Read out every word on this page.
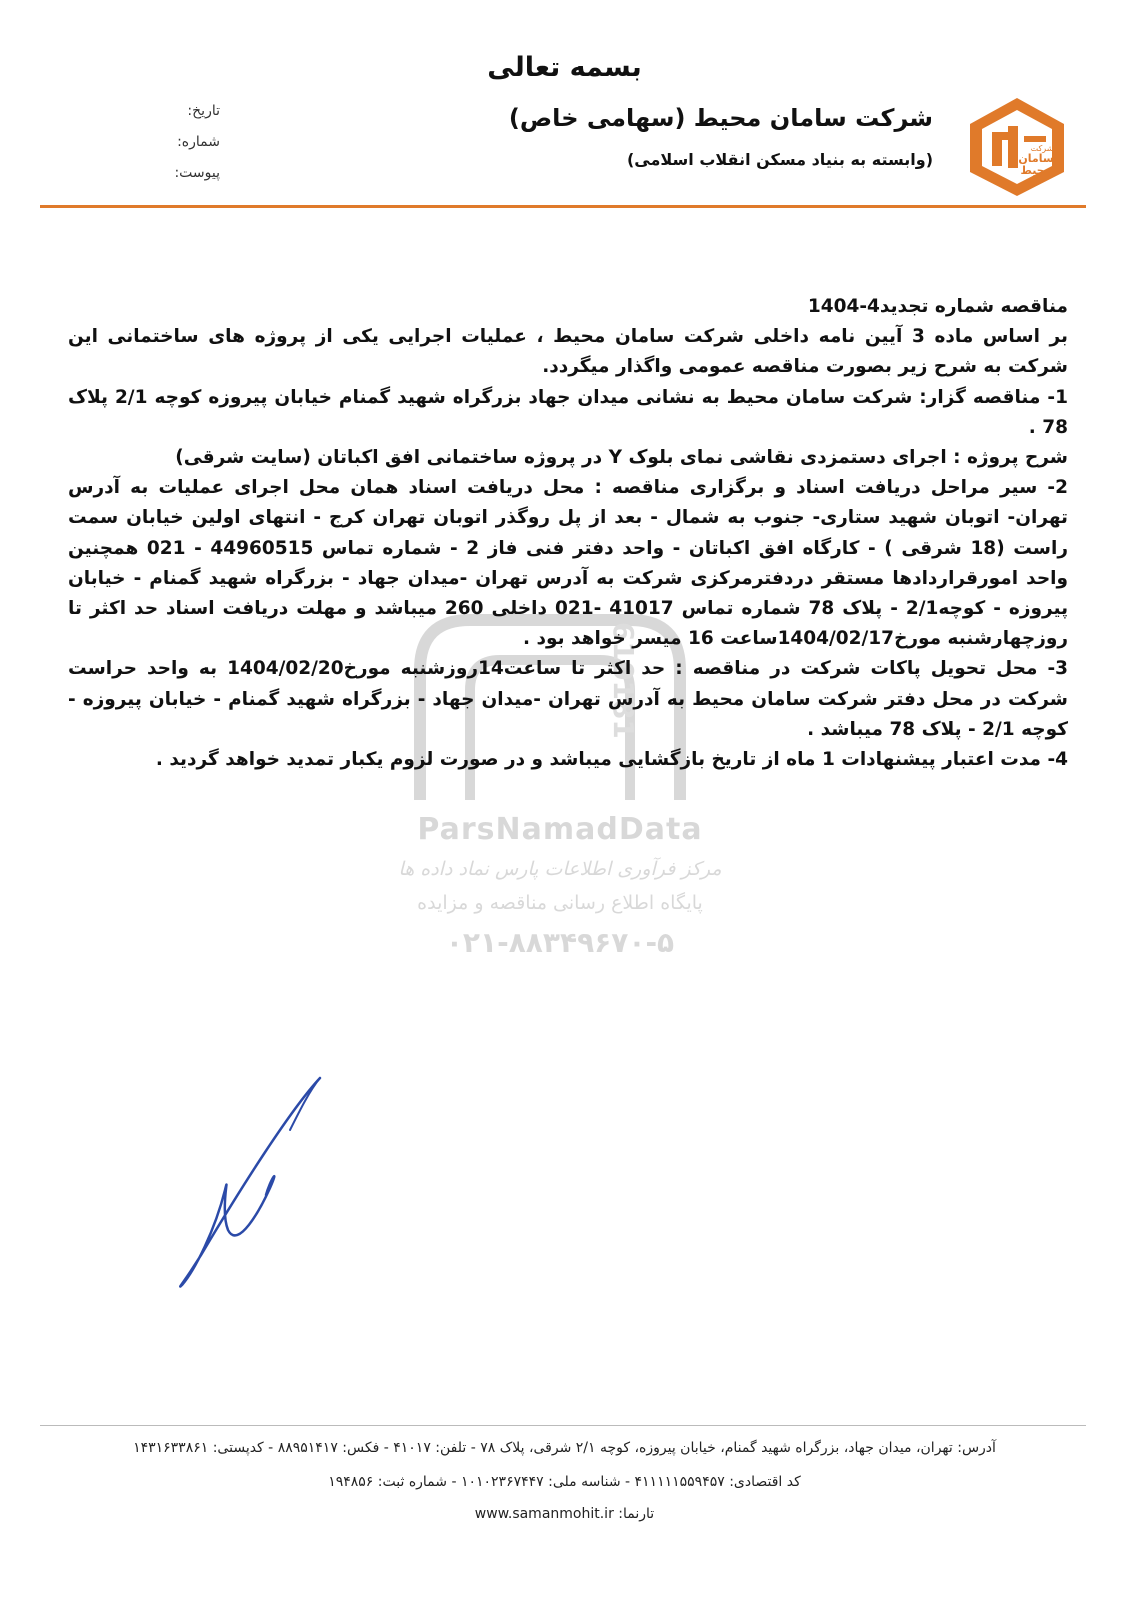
بسمه تعالی
شرکت
سامان
محیط
شرکت سامان محیط (سهامی خاص)
(وابسته به بنیاد مسکن انقلاب اسلامی)
تاریخ:
شماره:
پیوست:
610181
ParsNamadData
مرکز فرآوری اطلاعات پارس نماد داده ها
پایگاه اطلاع رسانی مناقصه و مزایده
۰۲۱-۸۸۳۴۹۶۷۰-۵

مناقصه شماره تجدید4-1404

بر اساس ماده 3 آیین نامه داخلی شرکت سامان محیط ، عملیات اجرایی یکی از پروژه های ساختمانی این شرکت به شرح زیر بصورت مناقصه عمومی واگذار میگردد.

1- مناقصه گزار: شرکت سامان محیط به نشانی میدان جهاد بزرگراه شهید گمنام خیابان پیروزه کوچه 2/1 پلاک 78 .

شرح پروژه : اجرای دستمزدی نقاشی نمای بلوک Y در پروژه ساختمانی افق اکباتان (سایت شرقی)

2- سیر مراحل دریافت اسناد و برگزاری مناقصه : محل دریافت اسناد همان محل اجرای عملیات به آدرس تهران- اتوبان شهید ستاری- جنوب به شمال - بعد از پل روگذر اتوبان تهران کرج - انتهای اولین خیابان سمت راست (18 شرقی ) - کارگاه افق اکباتان - واحد دفتر فنی فاز 2 - شماره تماس 44960515 - 021 همچنین واحد امورقراردادها مستقر دردفترمرکزی شرکت به آدرس تهران -میدان جهاد - بزرگراه شهید گمنام - خیابان پیروزه - کوچه2/1 - پلاک 78 شماره تماس 41017 -021 داخلی 260 میباشد و مهلت دریافت اسناد حد اکثر تا روزچهارشنبه مورخ1404/02/17ساعت 16 میسر خواهد بود .

3- محل تحویل پاکات شرکت در مناقصه : حد اکثر تا ساعت14روزشنبه مورخ1404/02/20 به واحد حراست شرکت در محل دفتر شرکت سامان محیط به آدرس تهران -میدان جهاد - بزرگراه شهید گمنام - خیابان پیروزه - کوچه 2/1 - پلاک 78 میباشد .

4- مدت اعتبار پیشنهادات 1 ماه از تاریخ بازگشایی میباشد و در صورت لزوم یکبار تمدید خواهد گردید .

آدرس: تهران، میدان جهاد، بزرگراه شهید گمنام، خیابان پیروزه، کوچه ۲/۱ شرقی، پلاک ۷۸ - تلفن: ۴۱۰۱۷ - فکس: ۸۸۹۵۱۴۱۷ - کدپستی: ۱۴۳۱۶۳۳۸۶۱
کد اقتصادی: ۴۱۱۱۱۱۵۵۹۴۵۷ - شناسه ملی: ۱۰۱۰۲۳۶۷۴۴۷ - شماره ثبت: ۱۹۴۸۵۶
تارنما: www.samanmohit.ir
